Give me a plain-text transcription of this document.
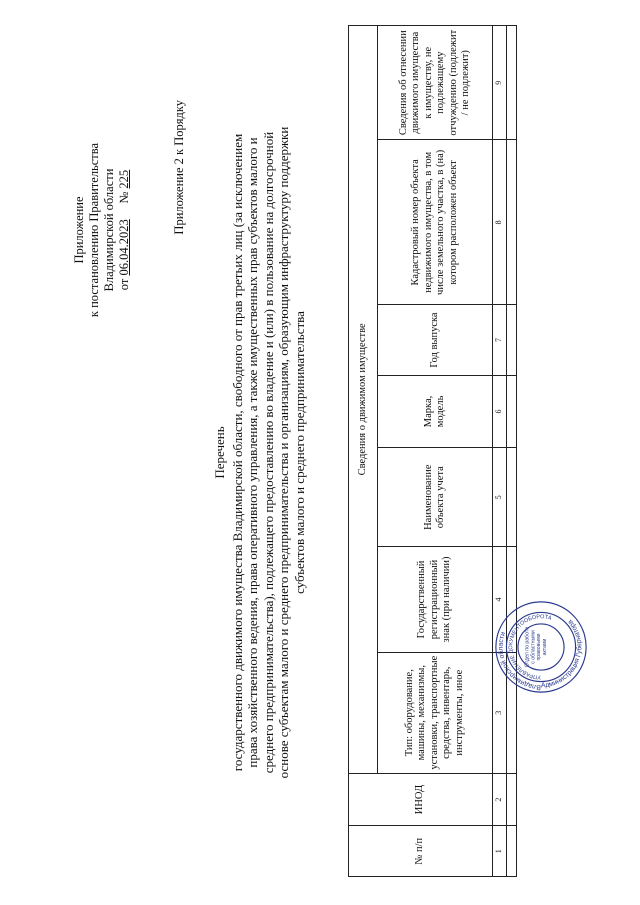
Приложение к постановлению Правительства Владимирской области от 06.04.2023     № 225	Приложение 2 к Порядку
Перечень государственного движимого имущества Владимирской области, свободного от прав третьих лиц (за исключением права хозяйственного ведения, права оперативного управления, а также имущественных прав субъектов малого и среднего предпринимательства), подлежащего предоставлению во владение и (или) в пользование на долгосрочной основе субъектам малого и среднего предпринимательства и организациям, образующим инфраструктуру поддержки субъектов малого и среднего предпринимательства
№ п/п	ИНОД	Сведения о движимом имуществе						
		Тип: оборудование, машины, механизмы, установки, транспортные средства, инвентарь, инструменты, иное	Государственный регистрационный знак (при наличии)	Наименование объекта учета	Марка, модель	Год выпуска	Кадастровый номер объекта недвижимого имущества, в том числе земельного участка, в (на) котором расположен объект	Сведения об отнесении движимого имущества к имуществу, не подлежащему отчуждению (подлежит / не подлежит)
1	2	3	4	5	6	7	8	9

Владимирской области
Администрация Губернатора
УПРАВЛЕНИЕ ДОКУМЕНТООБОРОТА
Отдел по работе с областными правовыми актами
